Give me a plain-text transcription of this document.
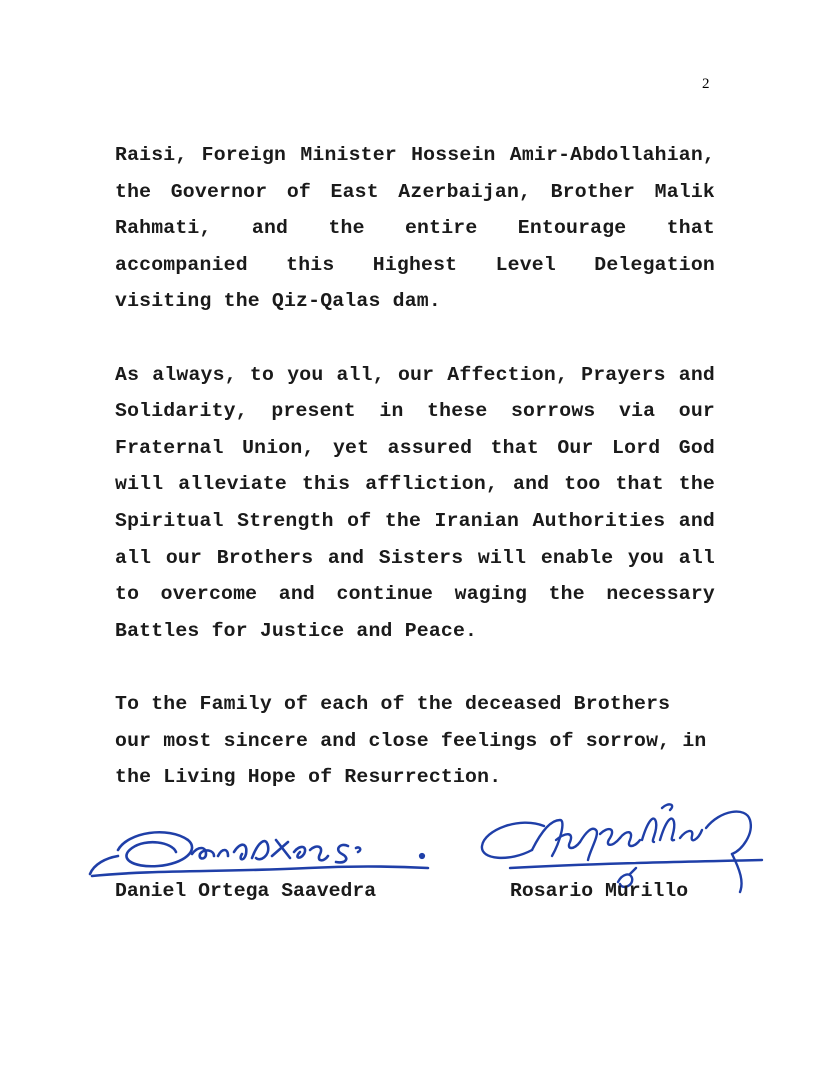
2

Raisi, Foreign Minister Hossein Amir-Abdollahian, the Governor of East Azerbaijan, Brother Malik Rahmati, and the entire Entourage that accompanied this Highest Level Delegation visiting the Qiz-Qalas dam.

As always, to you all, our Affection, Prayers and Solidarity, present in these sorrows via our Fraternal Union, yet assured that Our Lord God will alleviate this affliction, and too that the Spiritual Strength of the Iranian Authorities and all our Brothers and Sisters will enable you all to overcome and continue waging the necessary Battles for Justice and Peace.

To the Family of each of the deceased Brothers our most sincere and close feelings of sorrow, in the Living Hope of Resurrection.

Daniel Ortega Saavedra	Rosario Murillo
